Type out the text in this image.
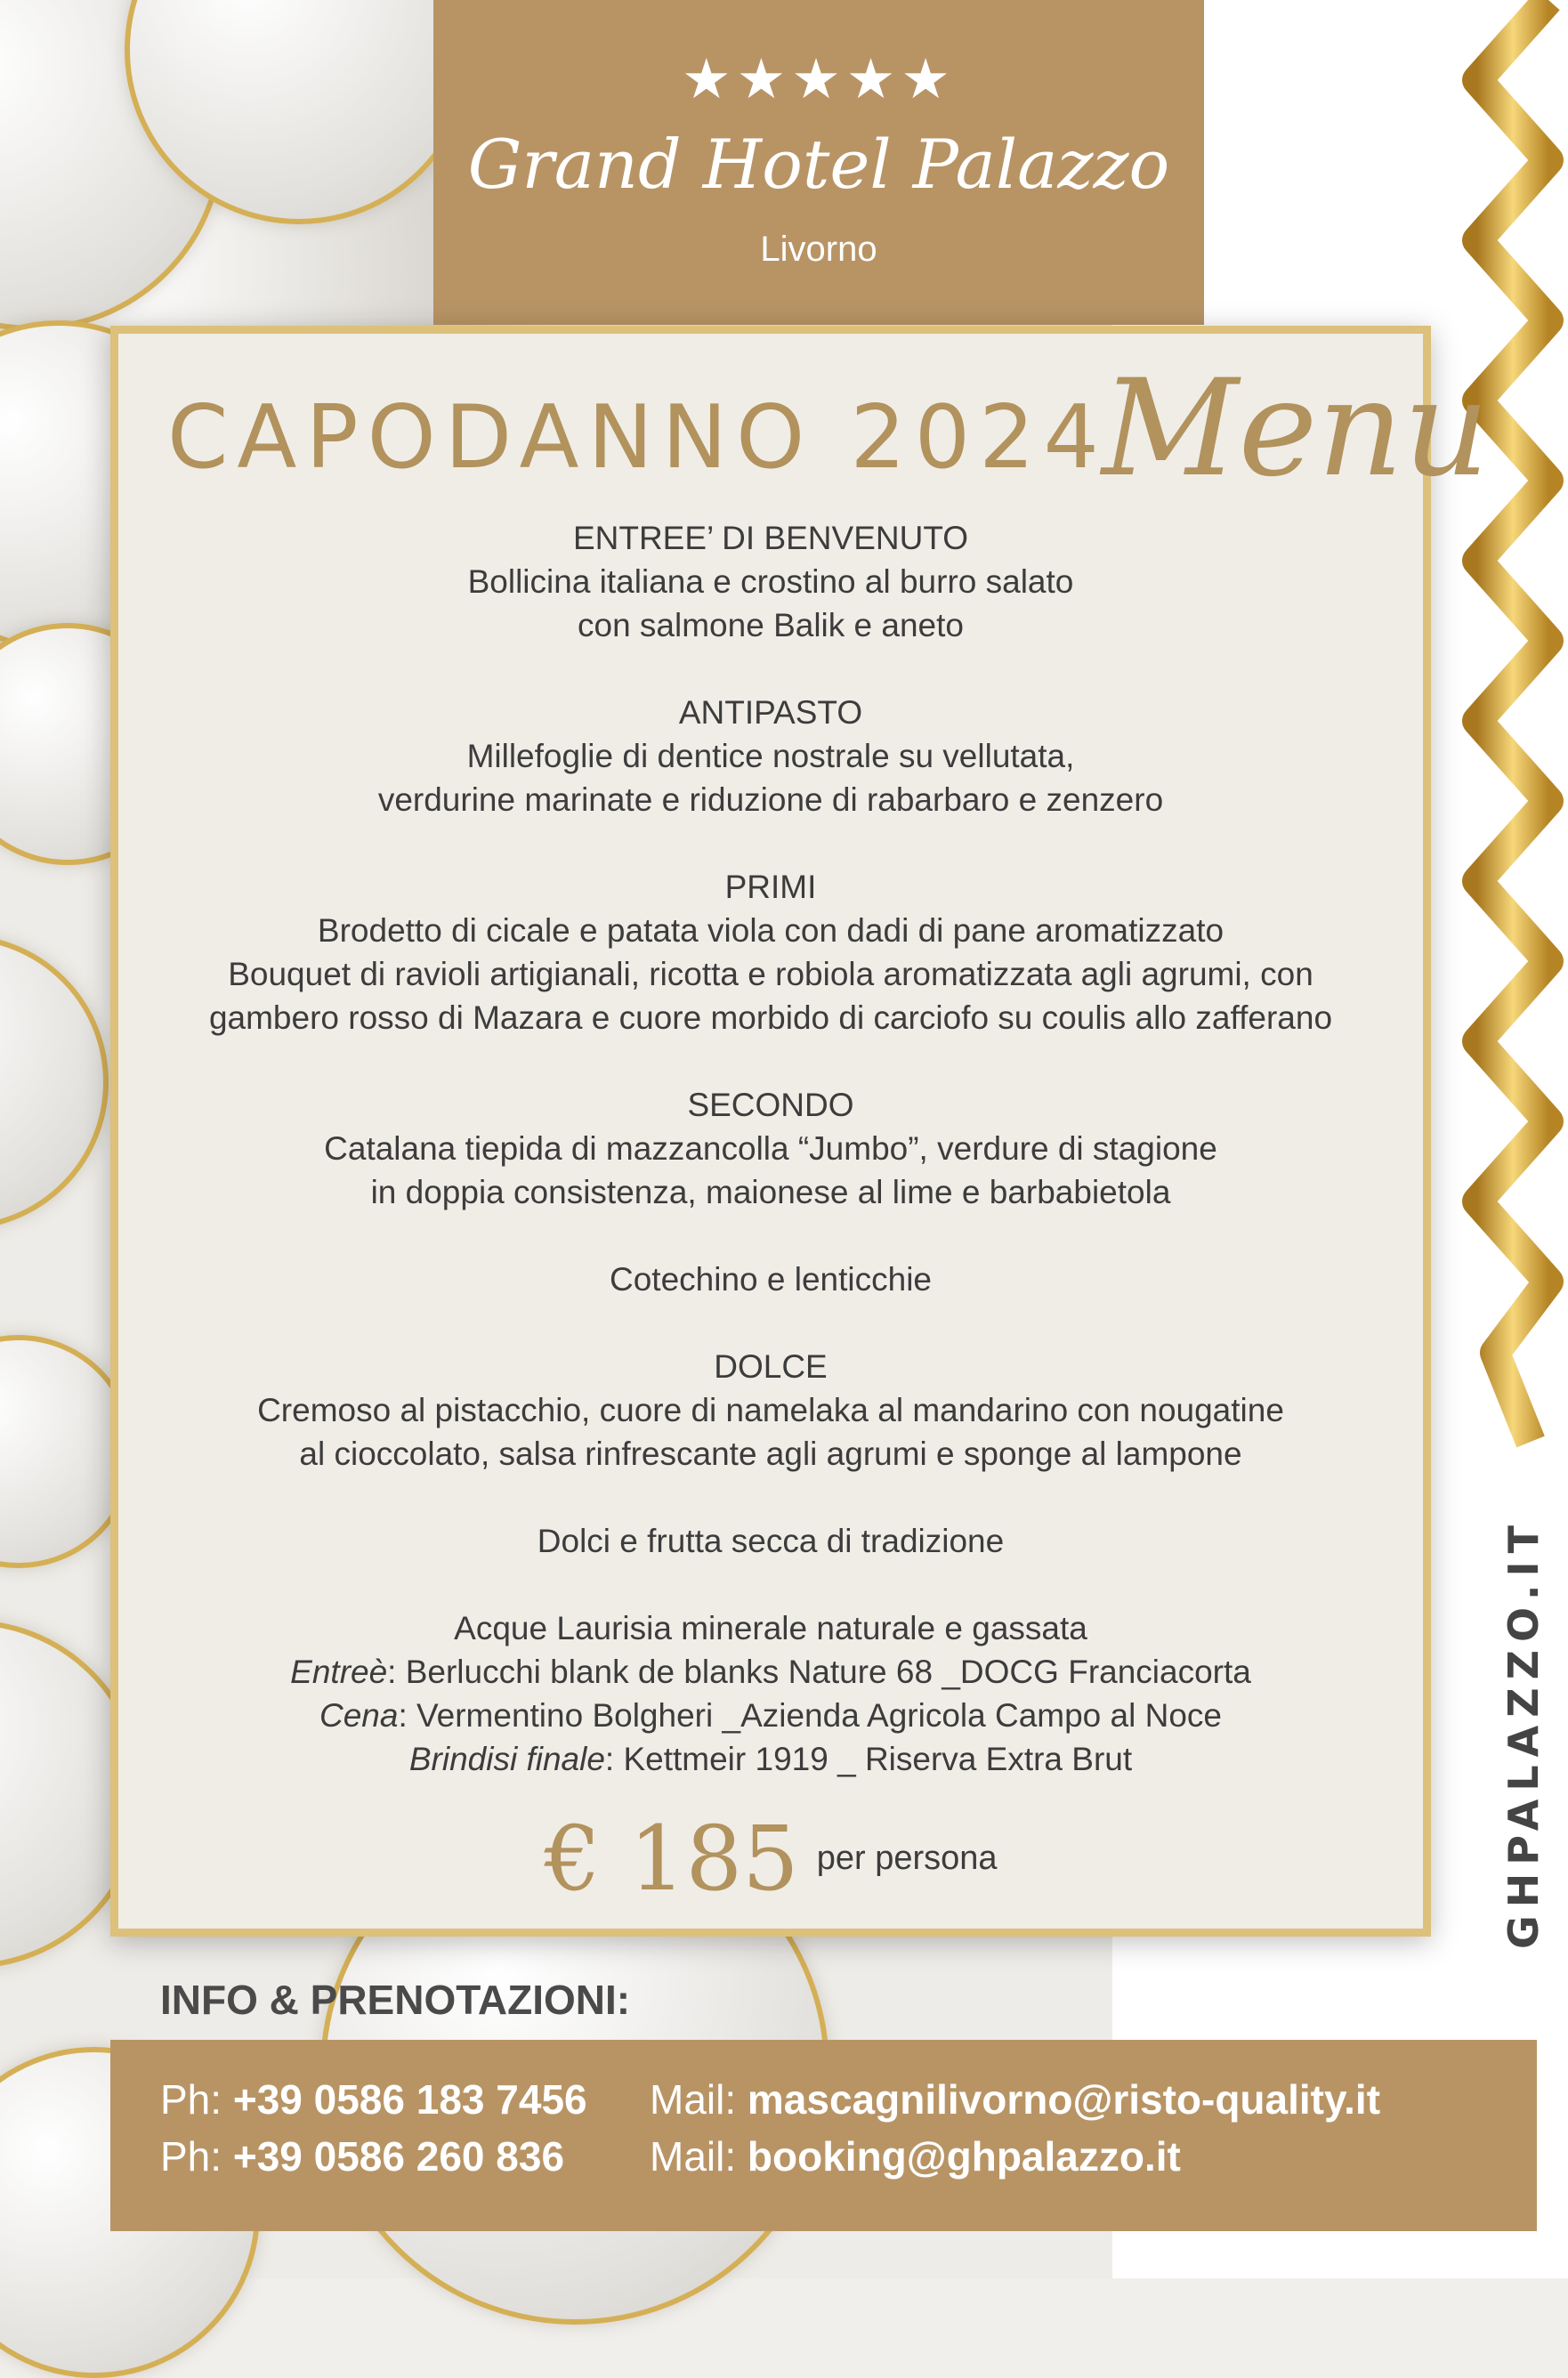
★★★★★
Grand Hotel Palazzo
Livorno
CAPODANNO 2024
Menu
ENTREE’ DI BENVENUTO
Bollicina italiana e crostino al burro salato
con salmone Balik e aneto
ANTIPASTO
Millefoglie di dentice nostrale su vellutata,
verdurine marinate e riduzione di rabarbaro e zenzero
PRIMI
Brodetto di cicale e patata viola con dadi di pane aromatizzato
Bouquet di ravioli artigianali, ricotta e robiola aromatizzata agli agrumi, con
gambero rosso di Mazara e cuore morbido di carciofo su coulis allo zafferano
SECONDO
Catalana tiepida di mazzancolla “Jumbo”, verdure di stagione
in doppia consistenza, maionese al lime e barbabietola
Cotechino e lenticchie
DOLCE
Cremoso al pistacchio, cuore di namelaka al mandarino con nougatine
al cioccolato, salsa rinfrescante agli agrumi e sponge al lampone
Dolci e frutta secca di tradizione
Acque Laurisia minerale naturale e gassata
Entreè: Berlucchi blank de blanks Nature 68 _DOCG Franciacorta
Cena: Vermentino Bolgheri _Azienda Agricola Campo al Noce
Brindisi finale: Kettmeir 1919 _ Riserva Extra Brut
€ 185 per persona	GHPALAZZO.IT
INFO & PRENOTAZIONI:
Ph: +39 0586 183 7456 Mail: mascagnilivorno@risto-quality.it
Ph: +39 0586 260 836 Mail: booking@ghpalazzo.it
